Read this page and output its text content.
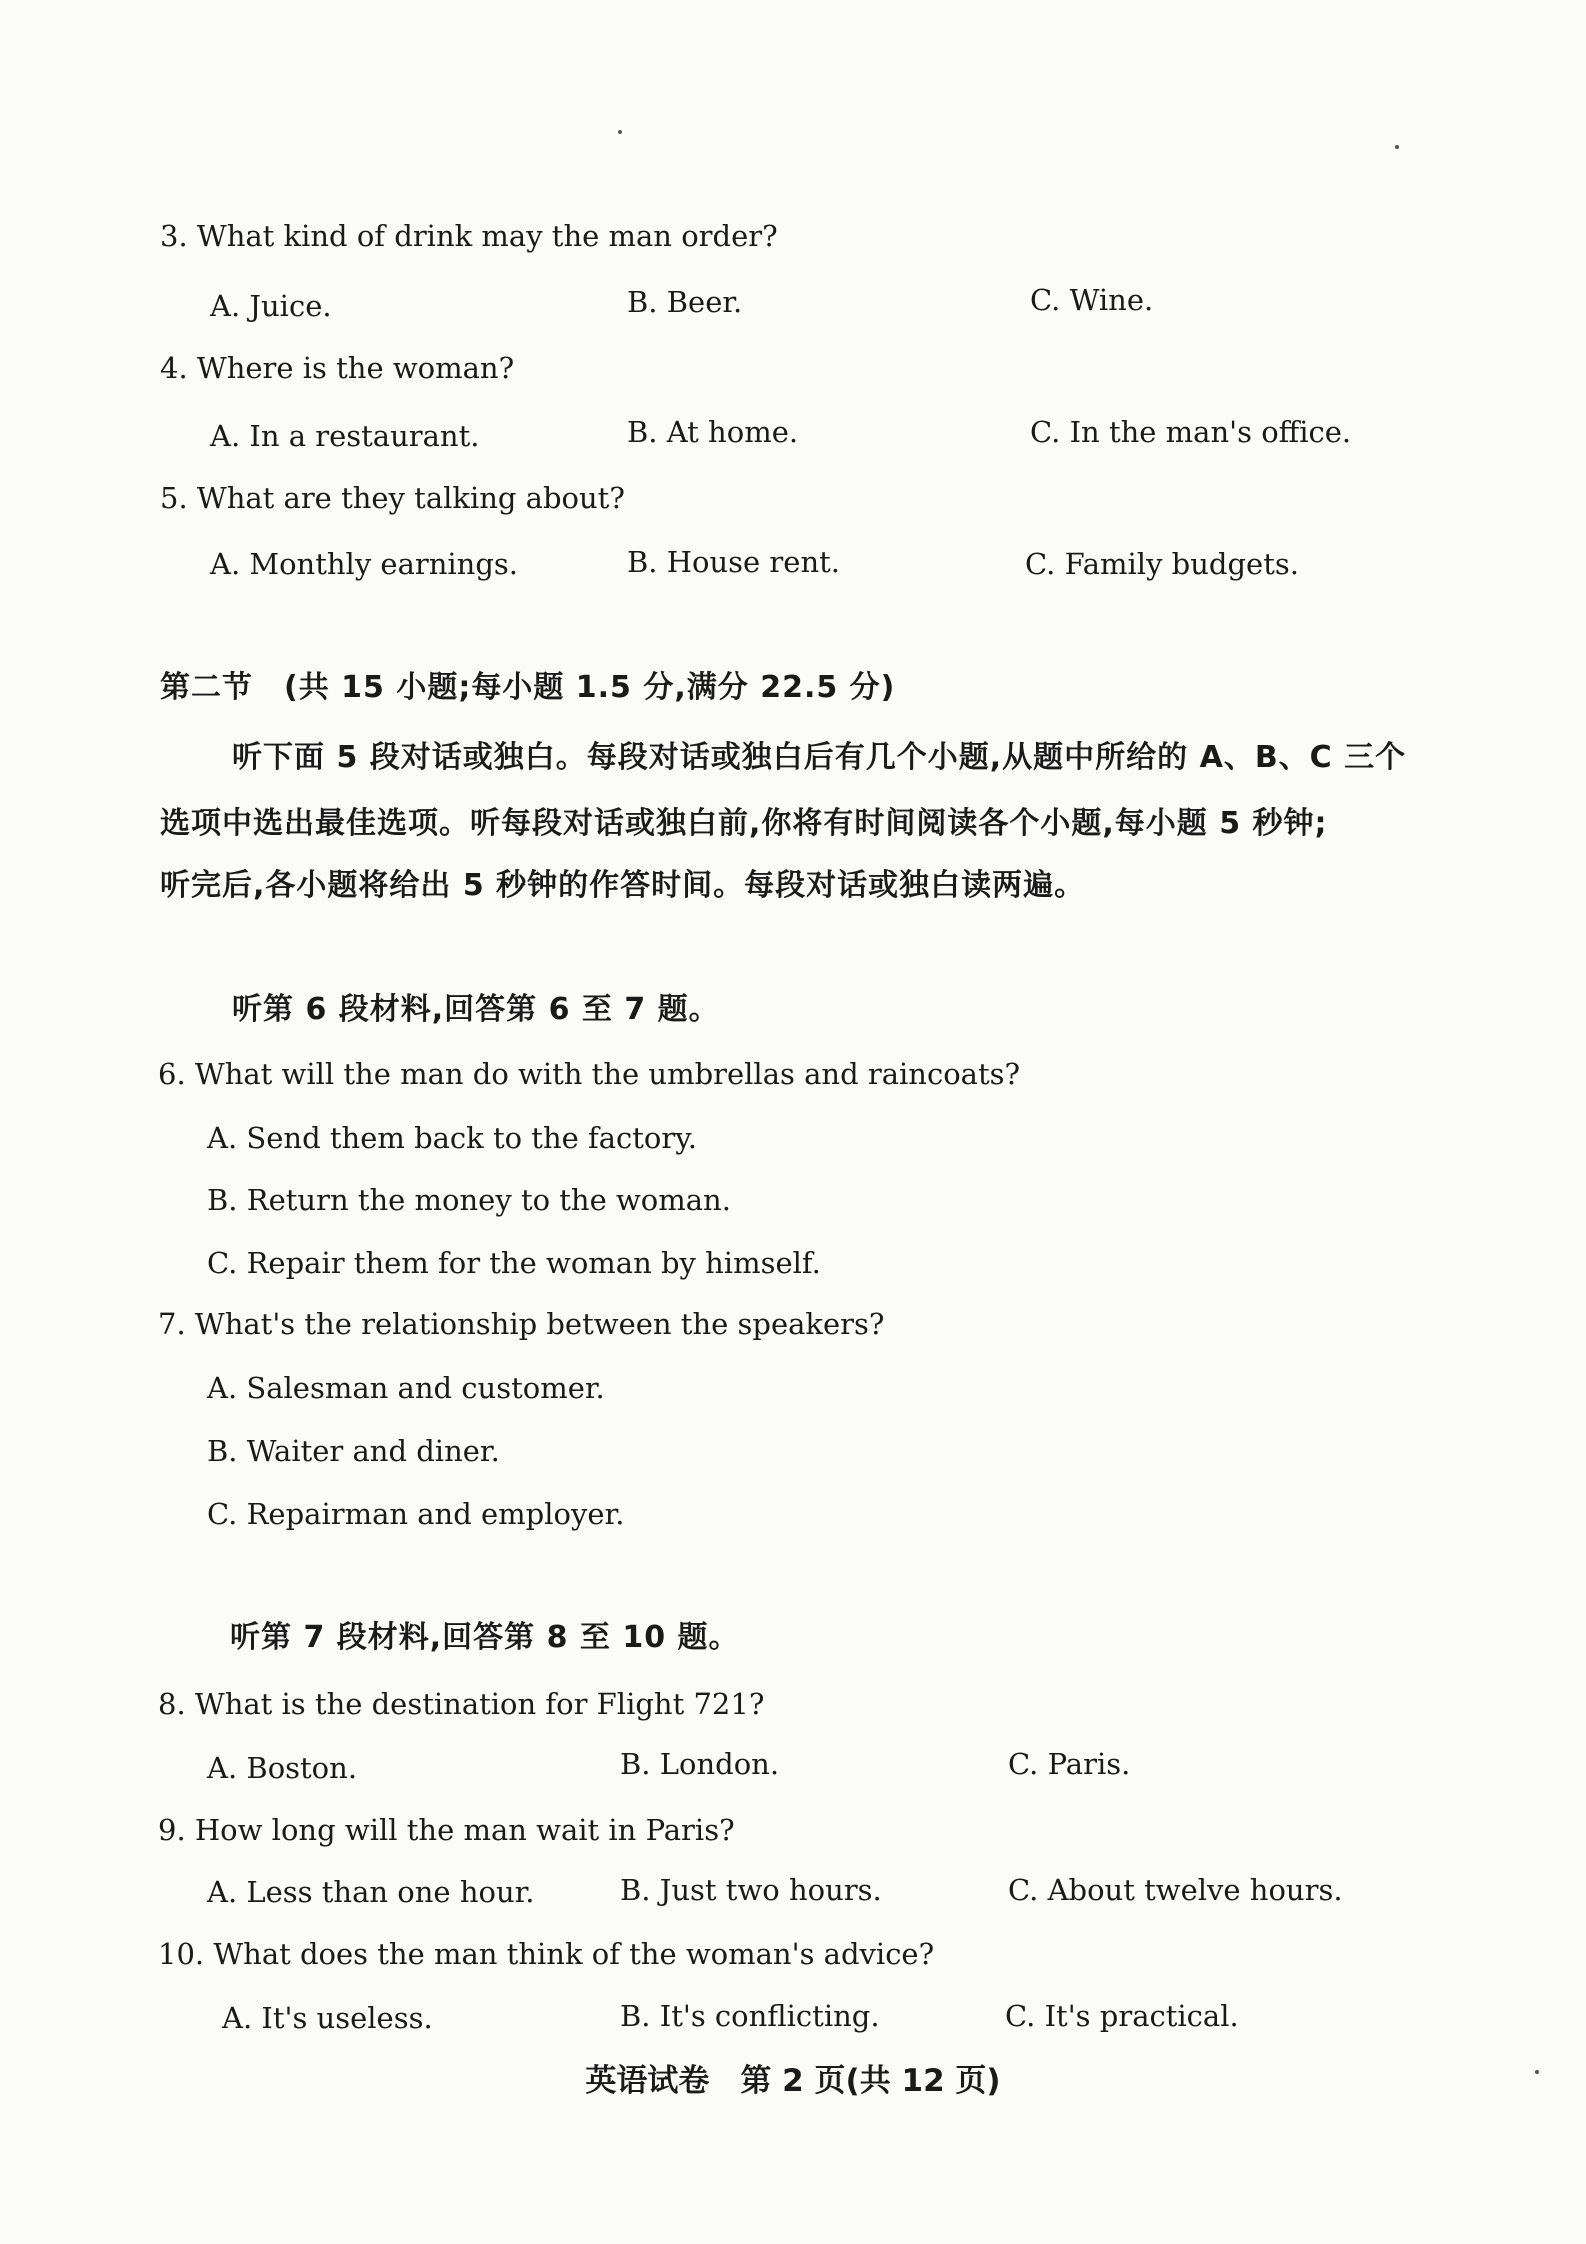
3. What kind of drink may the man order?
A. Juice.	B. Beer.	C. Wine.
4. Where is the woman?
A. In a restaurant.	B. At home.	C. In the man's office.
5. What are they talking about?
A. Monthly earnings.	B. House rent.	C. Family budgets.
第二节　(共 15 小题;每小题 1.5 分,满分 22.5 分)
听下面 5 段对话或独白。每段对话或独白后有几个小题,从题中所给的 A、B、C 三个
选项中选出最佳选项。听每段对话或独白前,你将有时间阅读各个小题,每小题 5 秒钟;
听完后,各小题将给出 5 秒钟的作答时间。每段对话或独白读两遍。
听第 6 段材料,回答第 6 至 7 题。
6. What will the man do with the umbrellas and raincoats?
A. Send them back to the factory.
B. Return the money to the woman.
C. Repair them for the woman by himself.
7. What's the relationship between the speakers?
A. Salesman and customer.
B. Waiter and diner.
C. Repairman and employer.
听第 7 段材料,回答第 8 至 10 题。
8. What is the destination for Flight 721?
A. Boston.	B. London.	C. Paris.
9. How long will the man wait in Paris?
A. Less than one hour.	B. Just two hours.	C. About twelve hours.
10. What does the man think of the woman's advice?
A. It's useless.	B. It's conflicting.	C. It's practical.
英语试卷　第 2 页(共 12 页)
